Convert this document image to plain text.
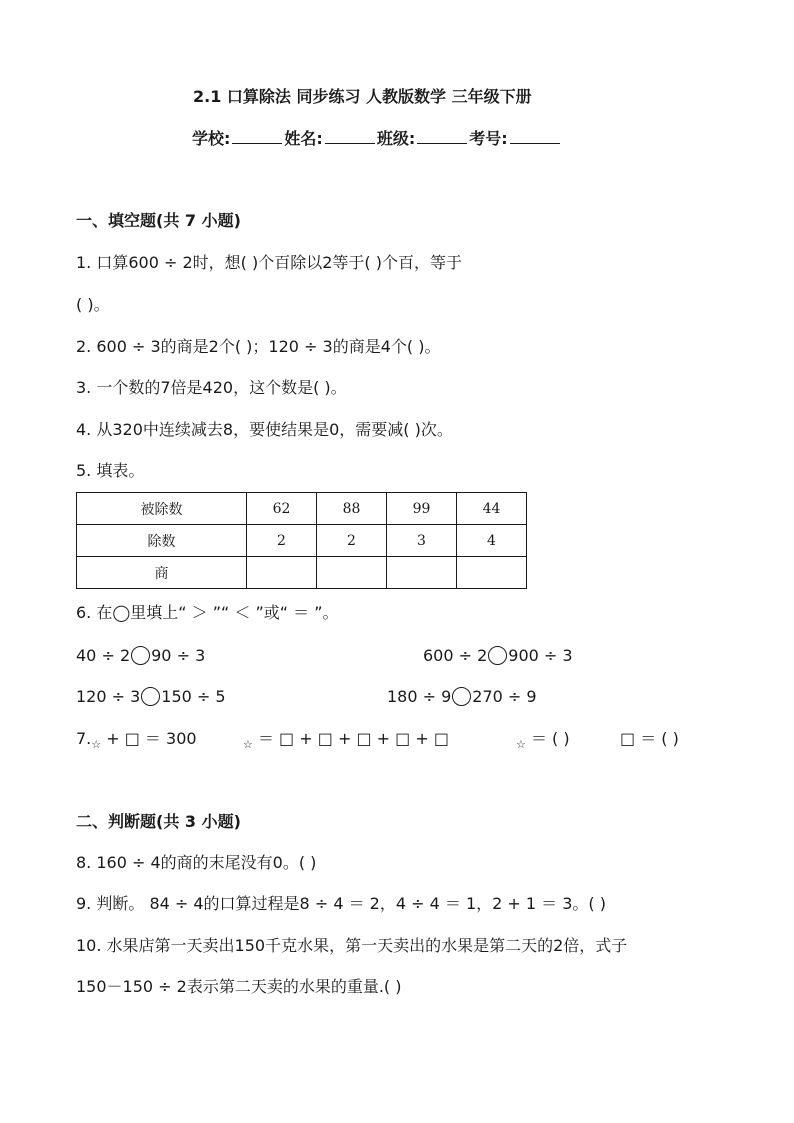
2.1 口算除法 同步练习 人教版数学 三年级下册
学校:	姓名:	班级:	考号:
一、填空题(共 7 小题)
1. 口算600 ÷ 2时，想( )个百除以2等于( )个百，等于
( )。
2. 600 ÷ 3的商是2个( )；120 ÷ 3的商是4个( )。
3. 一个数的7倍是420，这个数是( )。
4. 从320中连续减去8，要使结果是0，需要减( )次。
5. 填表。
被除数	62	88	99	44
除数	2	2	3	4
商				
6. 在◯里填上“ ＞ ”“ ＜ ”或“ ＝ ”。
40 ÷ 2 90 ÷ 3	600 ÷ 2 900 ÷ 3
120 ÷ 3 150 ÷ 5	180 ÷ 9 270 ÷ 9
$7._☆$ + □ ＝ 300	$_☆$ ＝ □ + □ + □ + □ + □	$_☆$ ＝ ( )	□ ＝ ( )
二、判断题(共 3 小题)
8. 160 ÷ 4的商的末尾没有0。( )
9. 判断。 84 ÷ 4的口算过程是8 ÷ 4 ＝ 2，4 ÷ 4 ＝ 1，2 + 1 ＝ 3。( )
10. 水果店第一天卖出150千克水果，第一天卖出的水果是第二天的2倍，式子
150－150 ÷ 2表示第二天卖的水果的重量.( )
